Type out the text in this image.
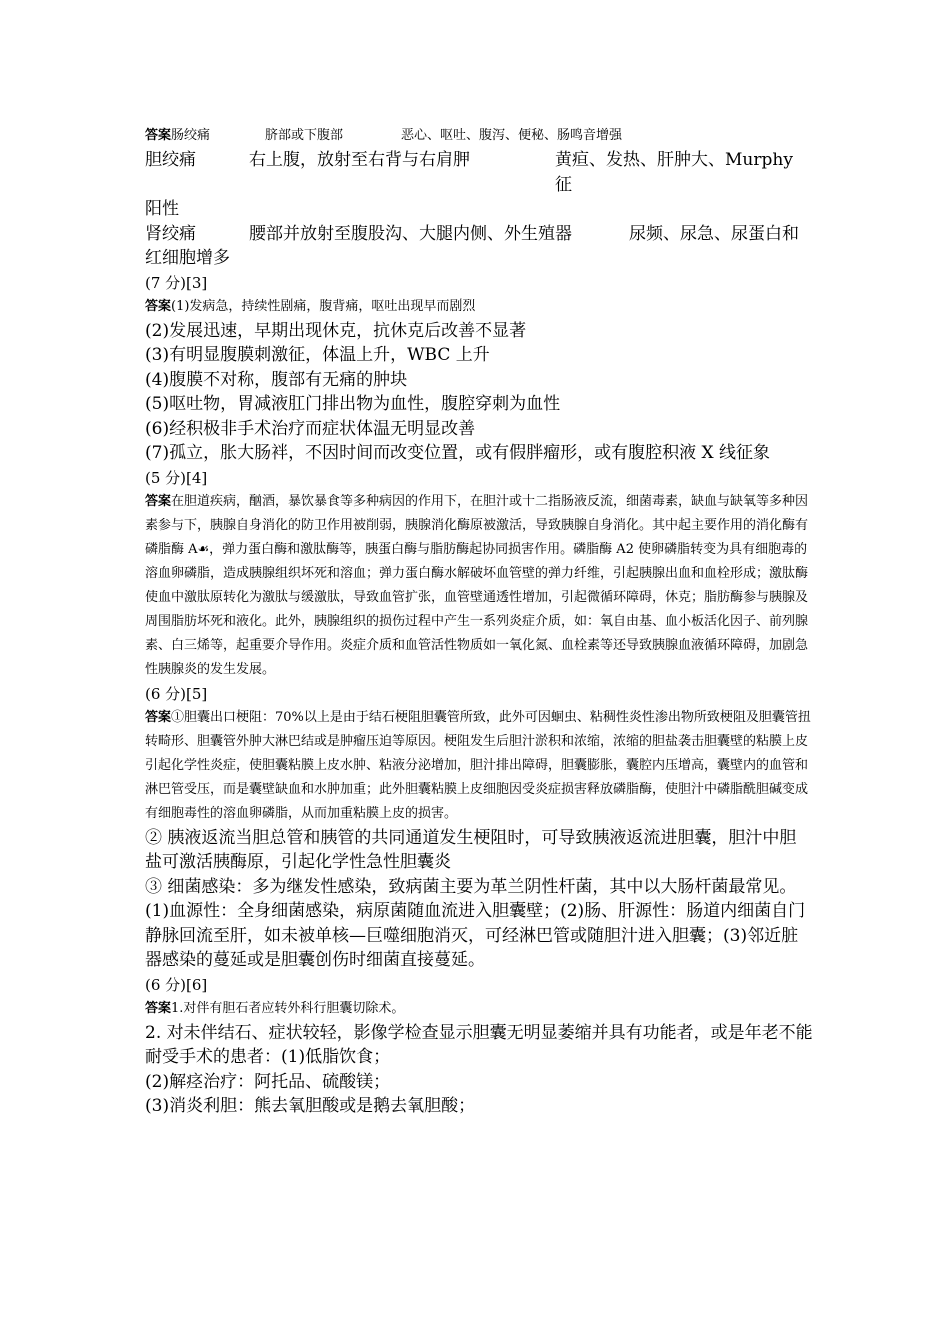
答案肠绞痛	脐部或下腹部	恶心、呕吐、腹泻、便秘、肠鸣音增强
胆绞痛	右上腹，放射至右背与右肩胛	黄疸、发热、肝肿大、Murphy 征
阳性
肾绞痛	腰部并放射至腹股沟、大腿内侧、外生殖器	尿频、尿急、尿蛋白和
红细胞增多
(7 分)[3]
答案(1)发病急，持续性剧痛，腹背痛，呕吐出现早而剧烈
(2)发展迅速，早期出现休克，抗休克后改善不显著
(3)有明显腹膜刺激征，体温上升，WBC 上升
(4)腹膜不对称，腹部有无痛的肿块
(5)呕吐物，胃减液肛门排出物为血性，腹腔穿刺为血性
(6)经积极非手术治疗而症状体温无明显改善
(7)孤立，胀大肠袢，不因时间而改变位置，或有假胖瘤形，或有腹腔积液 X 线征象
(5 分)[4]
答案在胆道疾病，酗酒，暴饮暴食等多种病因的作用下，在胆汁或十二指肠液反流，细菌毒素，缺血与缺氧等多种因素参与下，胰腺自身消化的防卫作用被削弱，胰腺消化酶原被激活，导致胰腺自身消化。其中起主要作用的消化酶有磷脂酶 A☙，弹力蛋白酶和激肽酶等，胰蛋白酶与脂肪酶起协同损害作用。磷脂酶 A2 使卵磷脂转变为具有细胞毒的溶血卵磷脂，造成胰腺组织坏死和溶血；弹力蛋白酶水解破坏血管壁的弹力纤维，引起胰腺出血和血栓形成；激肽酶使血中激肽原转化为激肽与缓激肽，导致血管扩张，血管壁通透性增加，引起微循环障碍，休克；脂肪酶参与胰腺及周围脂肪坏死和液化。此外，胰腺组织的损伤过程中产生一系列炎症介质，如：氧自由基、血小板活化因子、前列腺素、白三烯等，起重要介导作用。炎症介质和血管活性物质如一氧化氮、血栓素等还导致胰腺血液循环障碍，加剧急性胰腺炎的发生发展。
(6 分)[5]
答案①胆囊出口梗阻：70%以上是由于结石梗阻胆囊管所致，此外可因蛔虫、粘稠性炎性渗出物所致梗阻及胆囊管扭转畸形、胆囊管外肿大淋巴结或是肿瘤压迫等原因。梗阻发生后胆汁淤积和浓缩，浓缩的胆盐袭击胆囊壁的粘膜上皮引起化学性炎症，使胆囊粘膜上皮水肿、粘液分泌增加，胆汁排出障碍，胆囊膨胀，囊腔内压增高，囊壁内的血管和淋巴管受压，而是囊壁缺血和水肿加重；此外胆囊粘膜上皮细胞因受炎症损害释放磷脂酶，使胆汁中磷脂酰胆碱变成有细胞毒性的溶血卵磷脂，从而加重粘膜上皮的损害。
② 胰液返流当胆总管和胰管的共同通道发生梗阻时，可导致胰液返流进胆囊，胆汁中胆盐可激活胰酶原，引起化学性急性胆囊炎
③ 细菌感染：多为继发性感染，致病菌主要为革兰阴性杆菌，其中以大肠杆菌最常见。(1)血源性：全身细菌感染，病原菌随血流进入胆囊壁；(2)肠、肝源性：肠道内细菌自门静脉回流至肝，如未被单核—巨噬细胞消灭，可经淋巴管或随胆汁进入胆囊；(3)邻近脏器感染的蔓延或是胆囊创伤时细菌直接蔓延。
(6 分)[6]
答案1.对伴有胆石者应转外科行胆囊切除术。
2. 对未伴结石、症状较轻，影像学检查显示胆囊无明显萎缩并具有功能者，或是年老不能耐受手术的患者：(1)低脂饮食；
(2)解痉治疗：阿托品、硫酸镁；
(3)消炎利胆：熊去氧胆酸或是鹅去氧胆酸；
